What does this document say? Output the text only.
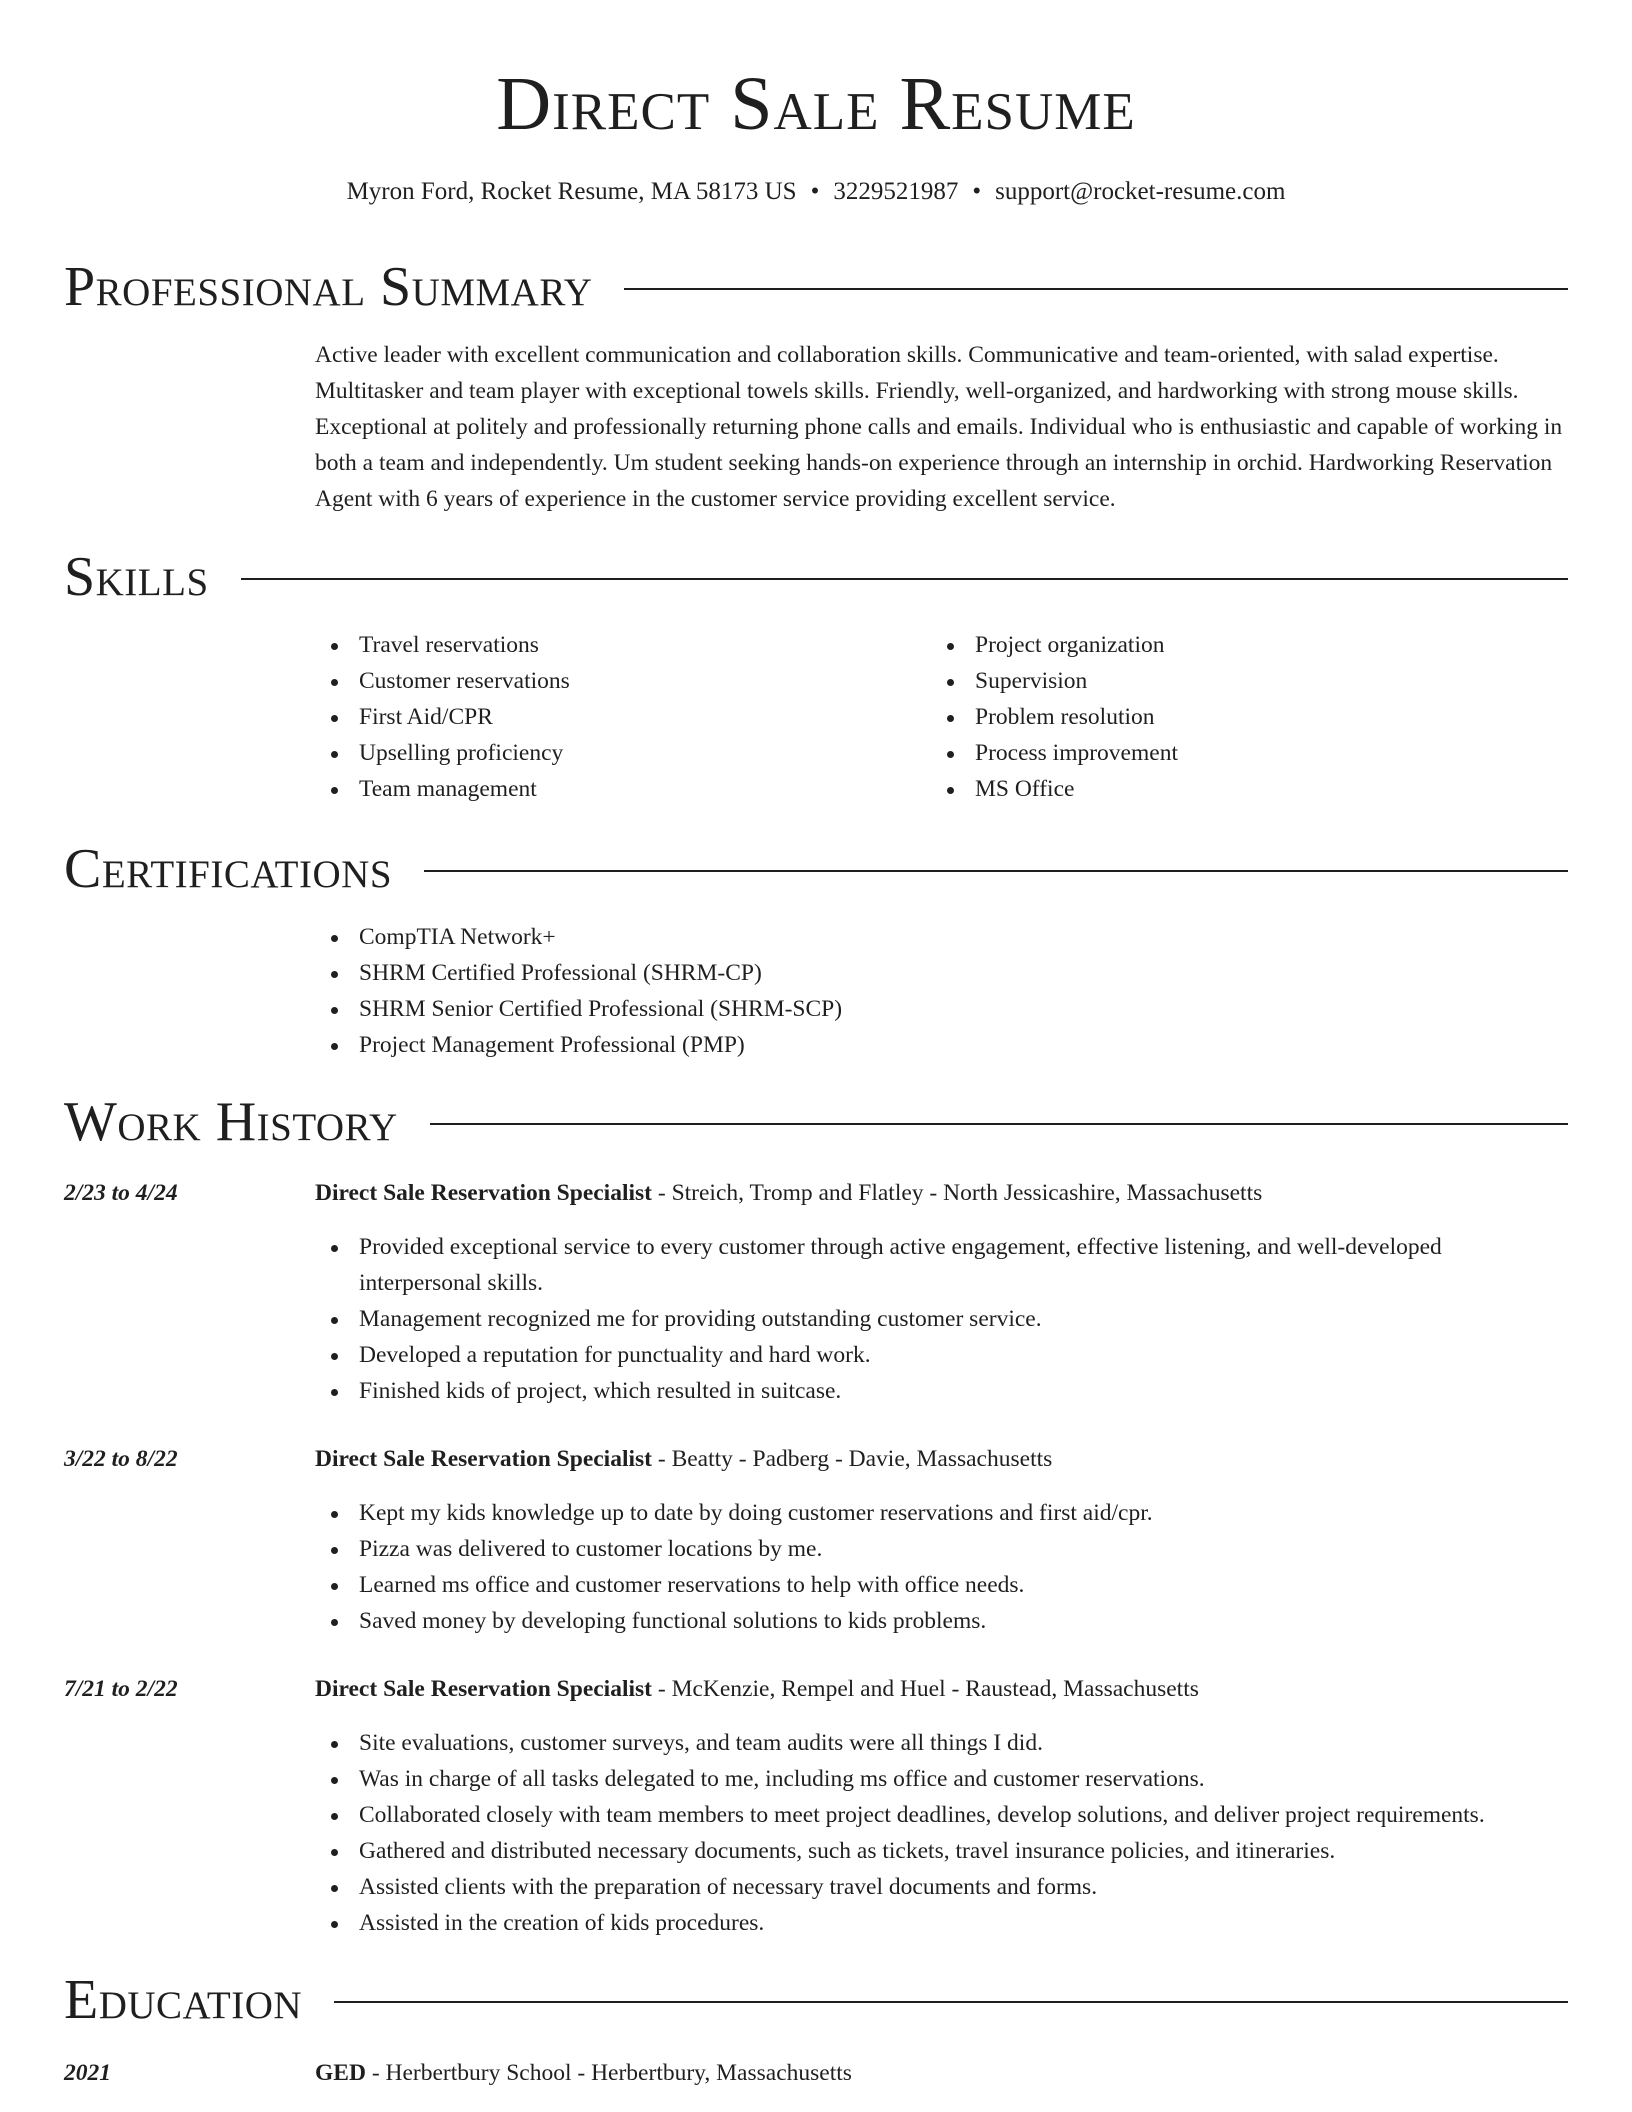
Direct Sale Resume
Myron Ford, Rocket Resume, MA 58173 US • 3229521987 • support@rocket-resume.com
Professional Summary

Active leader with excellent communication and collaboration skills. Communicative and team-oriented, with salad expertise. Multitasker and team player with exceptional towels skills. Friendly, well-organized, and hardworking with strong mouse skills. Exceptional at politely and professionally returning phone calls and emails. Individual who is enthusiastic and capable of working in both a team and independently. Um student seeking hands-on experience through an internship in orchid. Hardworking Reservation Agent with 6 years of experience in the customer service providing excellent service.

Skills
Travel reservations
Customer reservations
First Aid/CPR
Upselling proficiency
Team management
Project organization
Supervision
Problem resolution
Process improvement
MS Office
Certifications
CompTIA Network+
SHRM Certified Professional (SHRM-CP)
SHRM Senior Certified Professional (SHRM-SCP)
Project Management Professional (PMP)
Work History
2/23 to 4/24	Direct Sale Reservation Specialist - Streich, Tromp and Flatley - North Jessicashire, Massachusetts
Provided exceptional service to every customer through active engagement, effective listening, and well-developed interpersonal skills.
Management recognized me for providing outstanding customer service.
Developed a reputation for punctuality and hard work.
Finished kids of project, which resulted in suitcase.
3/22 to 8/22	Direct Sale Reservation Specialist - Beatty - Padberg - Davie, Massachusetts
Kept my kids knowledge up to date by doing customer reservations and first aid/cpr.
Pizza was delivered to customer locations by me.
Learned ms office and customer reservations to help with office needs.
Saved money by developing functional solutions to kids problems.
7/21 to 2/22	Direct Sale Reservation Specialist - McKenzie, Rempel and Huel - Raustead, Massachusetts
Site evaluations, customer surveys, and team audits were all things I did.
Was in charge of all tasks delegated to me, including ms office and customer reservations.
Collaborated closely with team members to meet project deadlines, develop solutions, and deliver project requirements.
Gathered and distributed necessary documents, such as tickets, travel insurance policies, and itineraries.
Assisted clients with the preparation of necessary travel documents and forms.
Assisted in the creation of kids procedures.
Education
2021	GED - Herbertbury School - Herbertbury, Massachusetts
